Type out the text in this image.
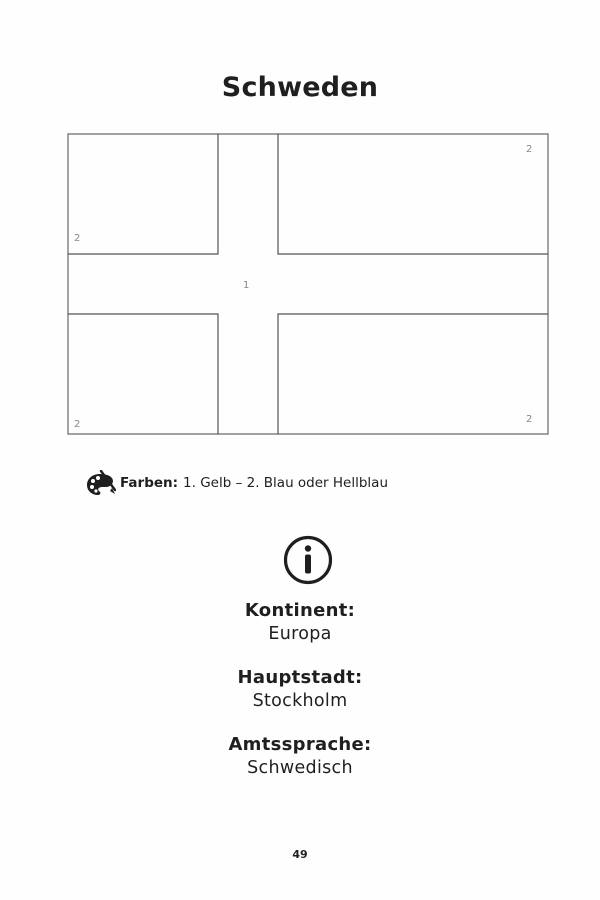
Schweden
1
2
2
2	2
Farben: 1. Gelb – 2. Blau oder Hellblau
Kontinent:
Europa
Hauptstadt:
Stockholm
Amtssprache:
Schwedisch
49
